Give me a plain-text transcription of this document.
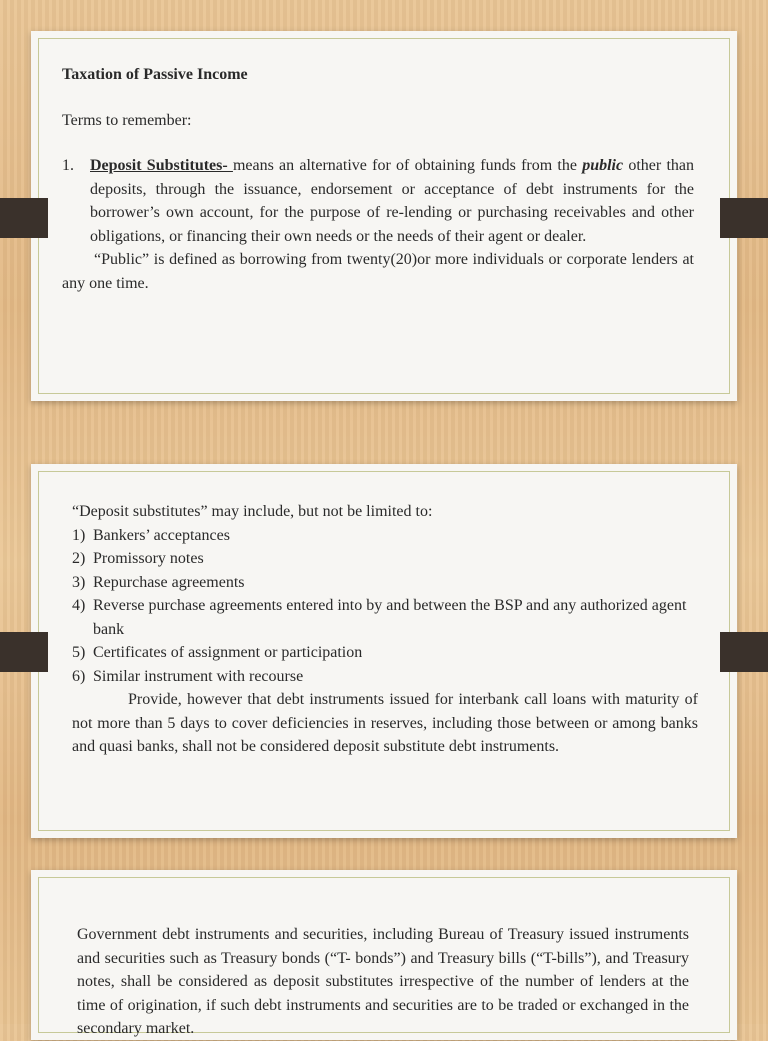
Taxation of Passive Income

Terms to remember:

1.	Deposit Substitutes- means an alternative for of obtaining funds from the public other than deposits, through the issuance, endorsement or acceptance of debt instruments for the borrower’s own account, for the purpose of re-lending or purchasing receivables and other obligations, or financing their own needs or the needs of their agent or dealer.

“Public” is defined as borrowing from twenty(20)or more individuals or corporate lenders at any one time.

“Deposit substitutes” may include, but not be limited to:

1) Bankers’ acceptances
2) Promissory notes
3) Repurchase agreements
4) Reverse purchase agreements entered into by and between the BSP and any authorized agent bank
5) Certificates of assignment or participation
6) Similar instrument with recourse

Provide, however that debt instruments issued for interbank call loans with maturity of not more than 5 days to cover deficiencies in reserves, including those between or among banks and quasi banks, shall not be considered deposit substitute debt instruments.

Government debt instruments and securities, including Bureau of Treasury issued instruments and securities such as Treasury bonds (“T- bonds”) and Treasury bills (“T-bills”), and Treasury notes, shall be considered as deposit substitutes irrespective of the number of lenders at the time of origination, if such debt instruments and securities are to be traded or exchanged in the secondary market.
